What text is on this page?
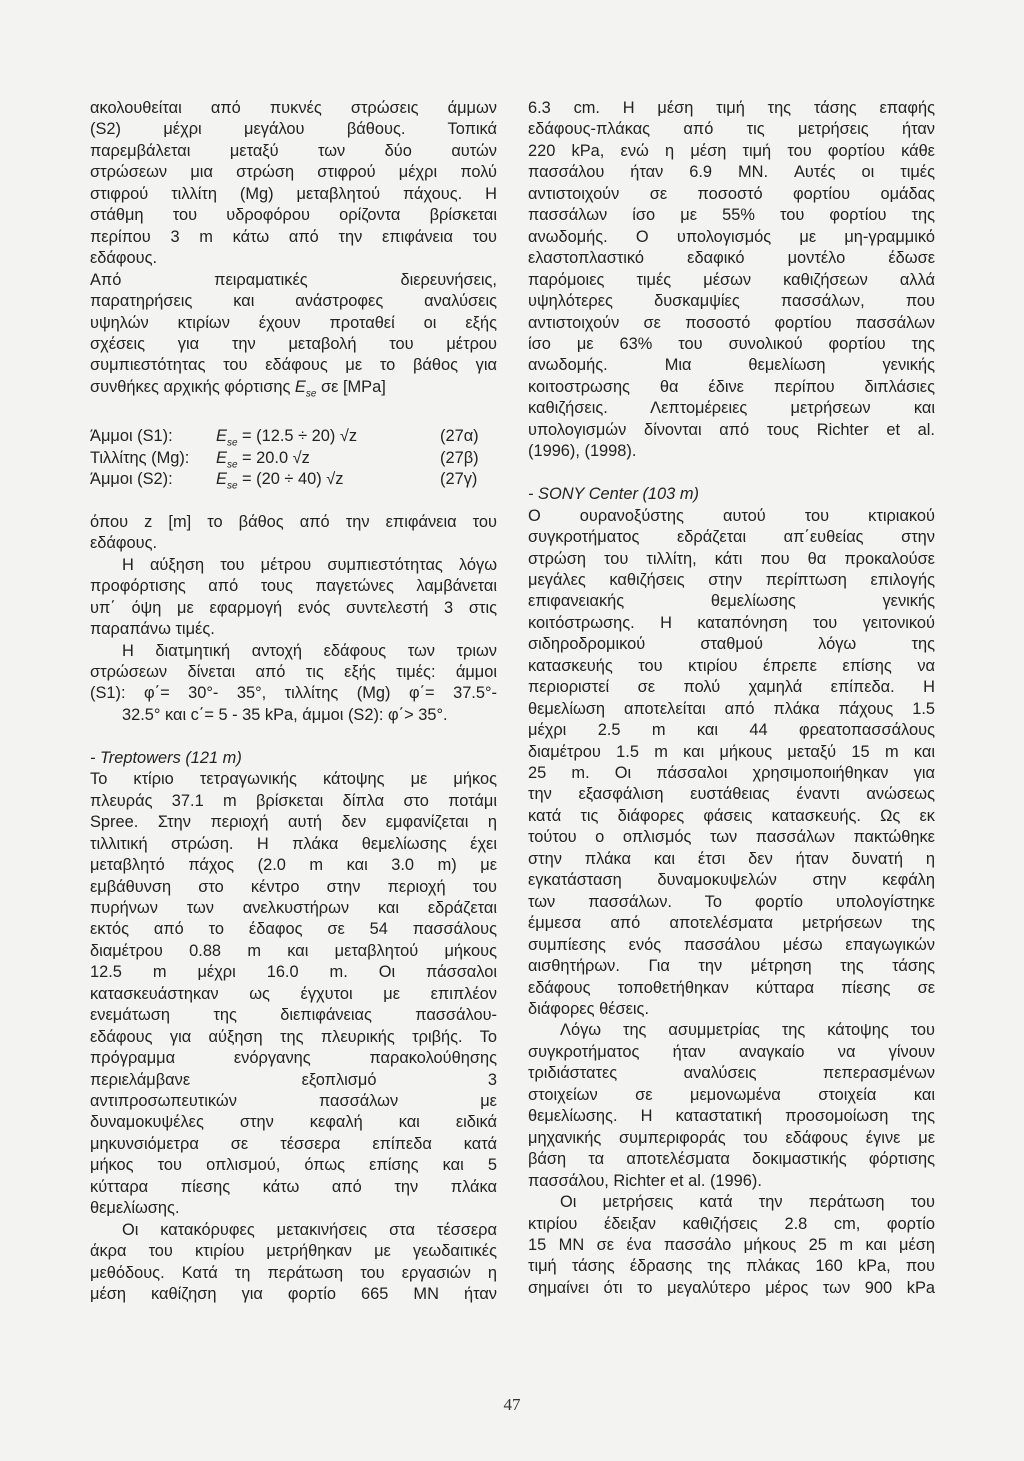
ακολουθείται από πυκνές στρώσεις άμμων

(S2) μέχρι μεγάλου βάθους. Τοπικά

παρεμβάλεται μεταξύ των δύο αυτών

στρώσεων μια στρώση στιφρού μέχρι πολύ

στιφρού τιλλίτη (Mg) μεταβλητού πάχους. Η

στάθμη του υδροφόρου ορίζοντα βρίσκεται

περίπου 3 m κάτω από την επιφάνεια του

εδάφους.

Από πειραματικές διερευνήσεις,

παρατηρήσεις και ανάστροφες αναλύσεις

υψηλών κτιρίων έχουν προταθεί οι εξής

σχέσεις για την μεταβολή του μέτρου

συμπιεστότητας του εδάφους με το βάθος για

συνθήκες αρχικής φόρτισης $E_{se}$ σε [MPa]

Άμμοι (S1):	$E_{se} = (12.5 \div 20)$ √z	(27α)
Τιλλίτης (Mg): $E_{se} = 20.0$ √z	(27β)
Άμμοι (S2):	$E_{se} = (20 \div 40)$ √z	(27γ)

όπου z [m] το βάθος από την επιφάνεια του

εδάφους.

Η αύξηση του μέτρου συμπιεστότητας λόγω

προφόρτισης από τους παγετώνες λαμβάνεται

υπ΄ όψη με εφαρμογή ενός συντελεστή 3 στις

παραπάνω τιμές.

Η διατμητική αντοχή εδάφους των τριων

στρώσεων δίνεται από τις εξής τιμές: άμμοι

(S1): φ΄= 30°- 35°, τιλλίτης (Mg) φ΄= 37.5°-

32.5° και c΄= 5 - 35 kPa, άμμοι (S2): φ΄> 35°.

- Treptowers (121 m)

Το κτίριο τετραγωνικής κάτοψης με μήκος

πλευράς 37.1 m βρίσκεται δίπλα στο ποτάμι

Spree. Στην περιοχή αυτή δεν εμφανίζεται η

τιλλιτική στρώση. Η πλάκα θεμελίωσης έχει

μεταβλητό πάχος (2.0 m και 3.0 m) με

εμβάθυνση στο κέντρο στην περιοχή του

πυρήνων των ανελκυστήρων και εδράζεται

εκτός από το έδαφος σε 54 πασσάλους

διαμέτρου 0.88 m και μεταβλητού μήκους

12.5 m μέχρι 16.0 m. Οι πάσσαλοι

κατασκευάστηκαν ως έγχυτοι με επιπλέον

ενεμάτωση της διεπιφάνειας πασσάλου-

εδάφους για αύξηση της πλευρικής τριβής. Το

πρόγραμμα ενόργανης παρακολούθησης

περιελάμβανε εξοπλισμό 3

αντιπροσωπευτικών πασσάλων με

δυναμοκυψέλες στην κεφαλή και ειδικά

μηκυνσιόμετρα σε τέσσερα επίπεδα κατά

μήκος του οπλισμού, όπως επίσης και 5

κύτταρα πίεσης κάτω από την πλάκα

θεμελίωσης.

Οι κατακόρυφες μετακινήσεις στα τέσσερα

άκρα του κτιρίου μετρήθηκαν με γεωδαιτικές

μεθόδους. Κατά τη περάτωση του εργασιών η

μέση καθίζηση για φορτίο 665 MN ήταν

6.3 cm. Η μέση τιμή της τάσης επαφής

εδάφους-πλάκας από τις μετρήσεις ήταν

220 kPa, ενώ η μέση τιμή του φορτίου κάθε

πασσάλου ήταν 6.9 MN. Αυτές οι τιμές

αντιστοιχούν σε ποσοστό φορτίου ομάδας

πασσάλων ίσο με 55% του φορτίου της

ανωδομής. Ο υπολογισμός με μη-γραμμικό

ελαστοπλαστικό εδαφικό μοντέλο έδωσε

παρόμοιες τιμές μέσων καθιζήσεων αλλά

υψηλότερες δυσκαμψίες πασσάλων, που

αντιστοιχούν σε ποσοστό φορτίου πασσάλων

ίσο με 63% του συνολικού φορτίου της

ανωδομής. Μια θεμελίωση γενικής

κοιτοστρωσης θα έδινε περίπου διπλάσιες

καθιζήσεις. Λεπτομέρειες μετρήσεων και

υπολογισμών δίνονται από τους Richter et al.

(1996), (1998).

- SONY Center (103 m)

Ο ουρανοξύστης αυτού του κτιριακού

συγκροτήματος εδράζεται απ΄ευθείας στην

στρώση του τιλλίτη, κάτι που θα προκαλούσε

μεγάλες καθιζήσεις στην περίπτωση επιλογής

επιφανειακής θεμελίωσης γενικής

κοιτόστρωσης. Η καταπόνηση του γειτονικού

σιδηροδρομικού σταθμού λόγω της

κατασκευής του κτιρίου έπρεπε επίσης να

περιοριστεί σε πολύ χαμηλά επίπεδα. Η

θεμελίωση αποτελείται από πλάκα πάχους 1.5

μέχρι 2.5 m και 44 φρεατοπασσάλους

διαμέτρου 1.5 m και μήκους μεταξύ 15 m και

25 m. Οι πάσσαλοι χρησιμοποιήθηκαν για

την εξασφάλιση ευστάθειας έναντι ανώσεως

κατά τις διάφορες φάσεις κατασκευής. Ως εκ

τούτου ο οπλισμός των πασσάλων πακτώθηκε

στην πλάκα και έτσι δεν ήταν δυνατή η

εγκατάσταση δυναμοκυψελών στην κεφάλη

των πασσάλων. Το φορτίο υπολογίστηκε

έμμεσα από αποτελέσματα μετρήσεων της

συμπίεσης ενός πασσάλου μέσω επαγωγικών

αισθητήρων. Για την μέτρηση της τάσης

εδάφους τοποθετήθηκαν κύτταρα πίεσης σε

διάφορες θέσεις.

Λόγω της ασυμμετρίας της κάτοψης του

συγκροτήματος ήταν αναγκαίο να γίνουν

τριδιάστατες αναλύσεις πεπερασμένων

στοιχείων σε μεμονωμένα στοιχεία και

θεμελίωσης. Η καταστατική προσομοίωση της

μηχανικής συμπεριφοράς του εδάφους έγινε με

βάση τα αποτελέσματα δοκιμαστικής φόρτισης

πασσάλου, Richter et al. (1996).

Οι μετρήσεις κατά την περάτωση του

κτιρίου έδειξαν καθιζήσεις 2.8 cm, φορτίο

15 MN σε ένα πασσάλο μήκους 25 m και μέση

τιμή τάσης έδρασης της πλάκας 160 kPa, που

σημαίνει ότι το μεγαλύτερο μέρος των 900 kPa

47
